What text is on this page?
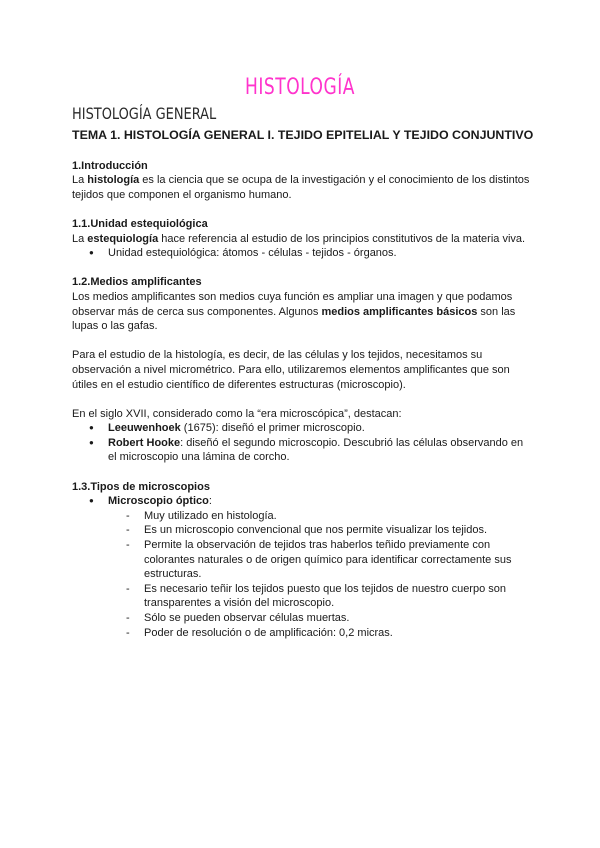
HISTOLOGÍA
HISTOLOGÍA GENERAL
TEMA 1. HISTOLOGÍA GENERAL I. TEJIDO EPITELIAL Y TEJIDO CONJUNTIVO
1.Introducción

La histología es la ciencia que se ocupa de la investigación y el conocimiento de los distintos tejidos que componen el organismo humano.

1.1.Unidad estequiológica

La estequiología hace referencia al estudio de los principios constitutivos de la materia viva.

● Unidad estequiológica: átomos - células - tejidos - órganos.
1.2.Medios amplificantes

Los medios amplificantes son medios cuya función es ampliar una imagen y que podamos observar más de cerca sus componentes. Algunos medios amplificantes básicos son las lupas o las gafas.

Para el estudio de la histología, es decir, de las células y los tejidos, necesitamos su observación a nivel micrométrico. Para ello, utilizaremos elementos amplificantes que son útiles en el estudio científico de diferentes estructuras (microscopio).

En el siglo XVII, considerado como la “era microscópica”, destacan:

● Leeuwenhoek (1675): diseñó el primer microscopio.
● Robert Hooke: diseñó el segundo microscopio. Descubrió las células observando en el microscopio una lámina de corcho.
1.3.Tipos de microscopios
● Microscopio óptico:
- Muy utilizado en histología.
- Es un microscopio convencional que nos permite visualizar los tejidos.
- Permite la observación de tejidos tras haberlos teñido previamente con colorantes naturales o de origen químico para identificar correctamente sus estructuras.
- Es necesario teñir los tejidos puesto que los tejidos de nuestro cuerpo son transparentes a visión del microscopio.
- Sólo se pueden observar células muertas.
- Poder de resolución o de amplificación: 0,2 micras.
